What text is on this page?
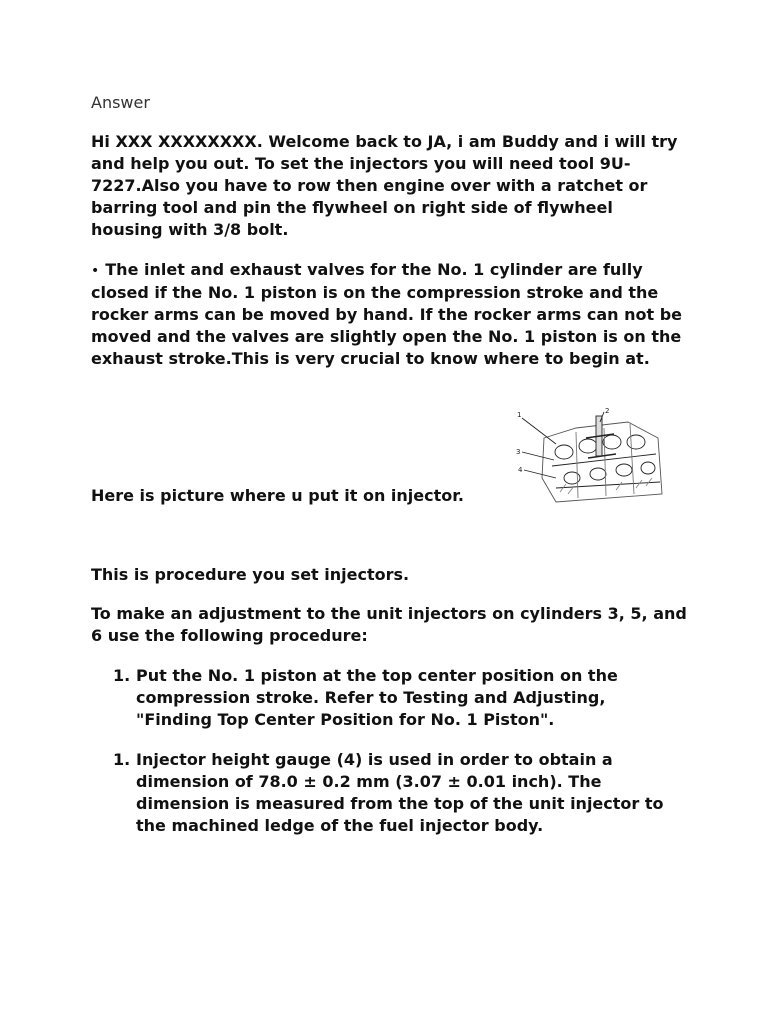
Answer
Hi XXX XXXXXXXX. Welcome back to JA, i am Buddy and i will try and help you out. To set the injectors you will need tool 9U-7227.Also you have to row then engine over with a ratchet or barring tool and pin the flywheel on right side of flywheel housing with 3/8 bolt.
• The inlet and exhaust valves for the No. 1 cylinder are fully closed if the No. 1 piston is on the compression stroke and the rocker arms can be moved by hand. If the rocker arms can not be moved and the valves are slightly open the No. 1 piston is on the exhaust stroke.This is very crucial to know where to begin at.
Here is picture where u put it on injector.
1	2
3
4
This is procedure you set injectors.
To make an adjustment to the unit injectors on cylinders 3, 5, and 6 use the following procedure:
1. Put the No. 1 piston at the top center position on the compression stroke. Refer to Testing and Adjusting, "Finding Top Center Position for No. 1 Piston".
1. Injector height gauge (4) is used in order to obtain a dimension of 78.0 ± 0.2 mm (3.07 ± 0.01 inch). The dimension is measured from the top of the unit injector to the machined ledge of the fuel injector body.
